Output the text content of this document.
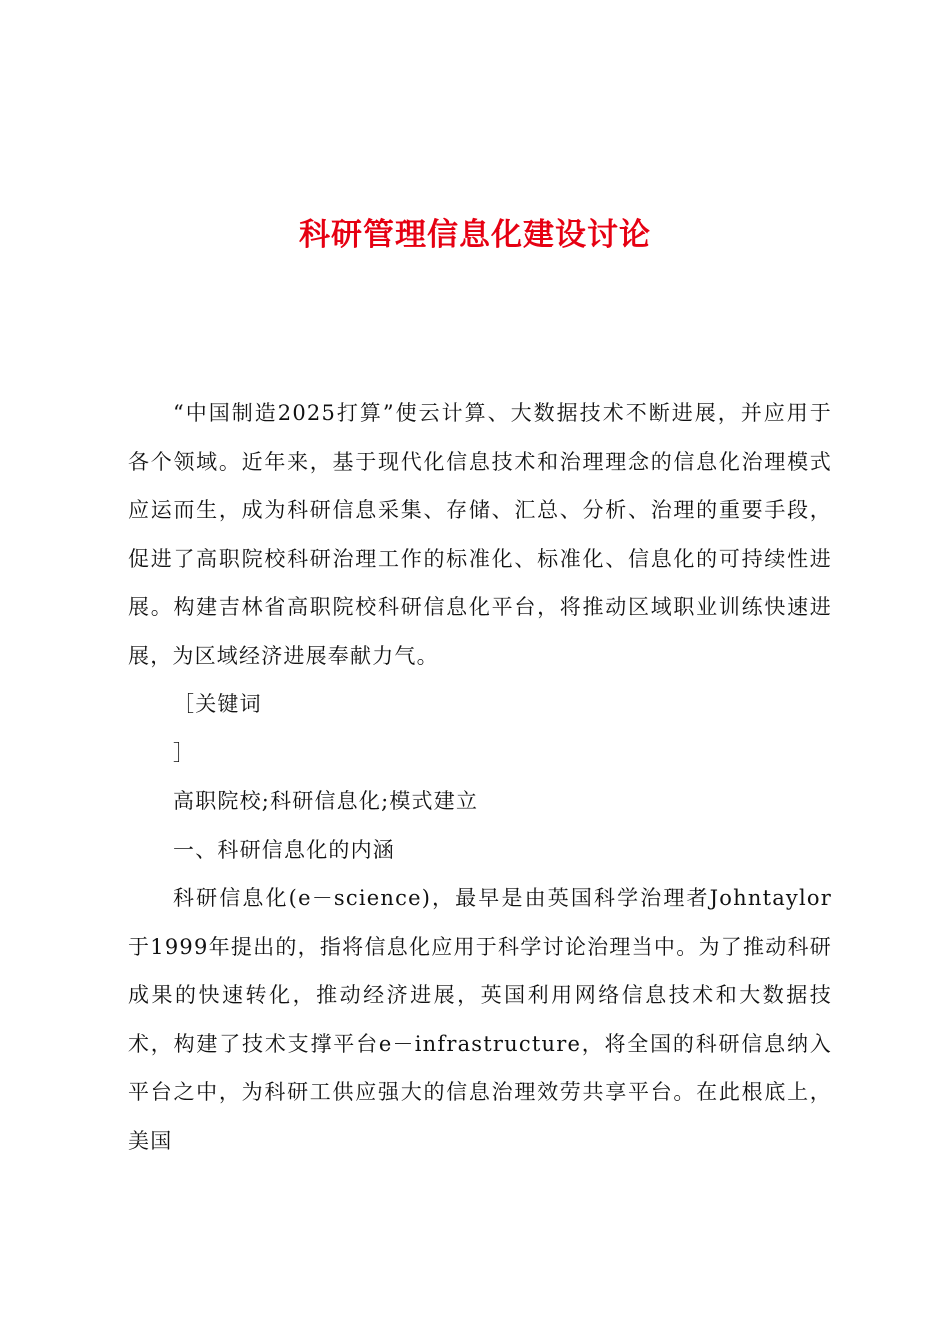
科研管理信息化建设讨论

“中国制造2025打算”使云计算、大数据技术不断进展，并应用于各个领域。近年来，基于现代化信息技术和治理理念的信息化治理模式应运而生，成为科研信息采集、存储、汇总、分析、治理的重要手段，促进了高职院校科研治理工作的标准化、标准化、信息化的可持续性进展。构建吉林省高职院校科研信息化平台，将推动区域职业训练快速进展，为区域经济进展奉献力气。

［关键词

］

高职院校;科研信息化;模式建立

一、科研信息化的内涵

科研信息化(e－science)，最早是由英国科学治理者Johntaylor于1999年提出的，指将信息化应用于科学讨论治理当中。为了推动科研成果的快速转化，推动经济进展，英国利用网络信息技术和大数据技术，构建了技术支撑平台e－infrastructure，将全国的科研信息纳入平台之中，为科研工供应强大的信息治理效劳共享平台。在此根底上，美国
